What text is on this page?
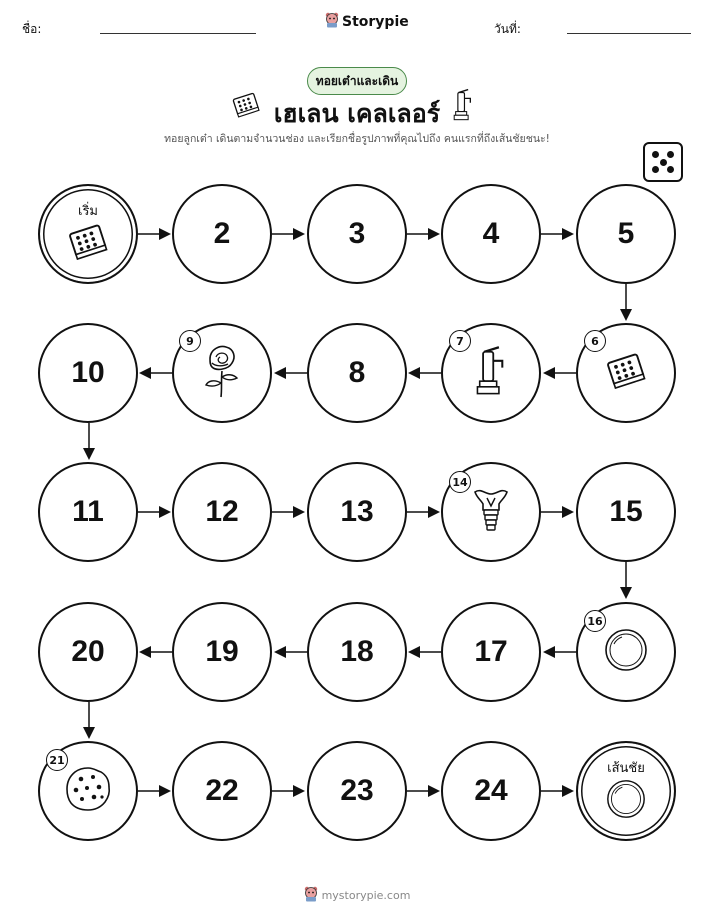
ชื่อ:	Storypie	วันที่:
ทอยเต๋าและเดิน
เฮเลน เคลเลอร์
ทอยลูกเต๋า เดินตามจำนวนช่อง และเรียกชื่อรูปภาพที่คุณไปถึง คนแรกที่ถึงเส้นชัยชนะ!
เริ่ม
2	3	4	5
10
9
8
7	6
11	12	13
14
15
20	19	18	17
16
21
22	23	24
เส้นชัย
mystorypie.com
